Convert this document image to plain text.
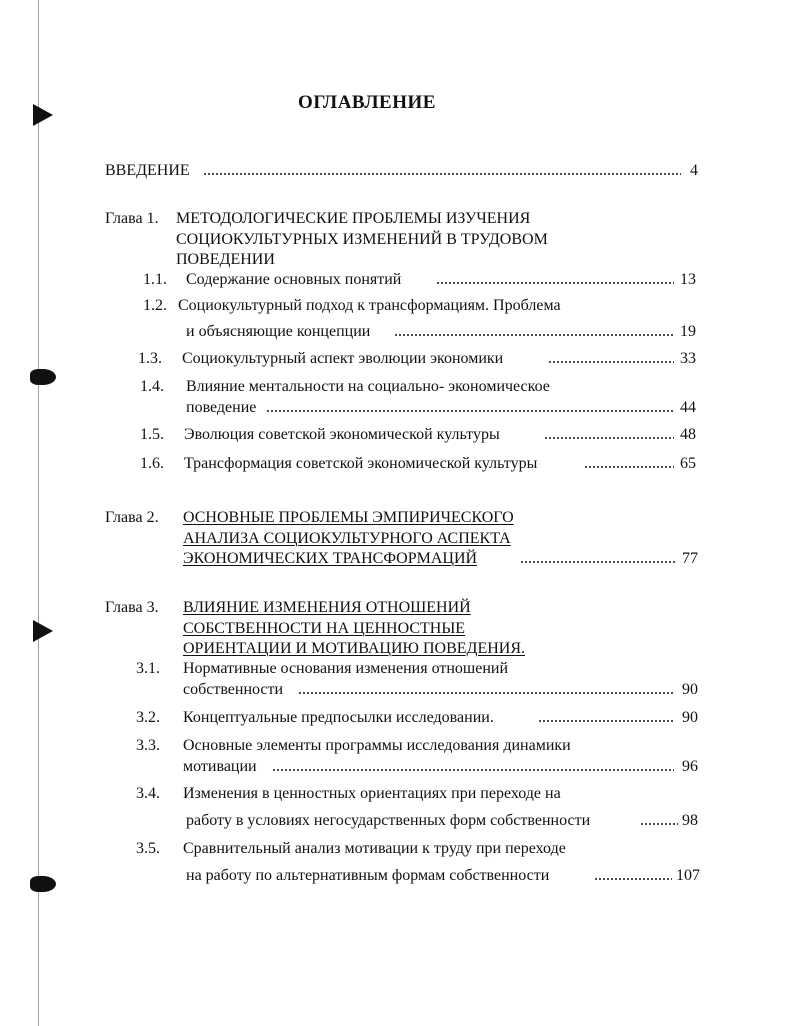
ОГЛАВЛЕНИЕ
ВВЕДЕНИЕ	4
Глава 1. МЕТОДОЛОГИЧЕСКИЕ ПРОБЛЕМЫ ИЗУЧЕНИЯ
СОЦИОКУЛЬТУРНЫХ ИЗМЕНЕНИЙ В ТРУДОВОМ
ПОВЕДЕНИИ
1.1. Содержание основных понятий	13
1.2. Социокультурный подход к трансформациям. Проблема
и объясняющие концепции	19
1.3. Социокультурный аспект эволюции экономики	33
1.4. Влияние ментальности на социально- экономическое
поведение	44
1.5. Эволюция советской экономической культуры	48
1.6. Трансформация советской экономической культуры	65
Глава 2. ОСНОВНЫЕ ПРОБЛЕМЫ ЭМПИРИЧЕСКОГО
АНАЛИЗА СОЦИОКУЛЬТУРНОГО АСПЕКТА
ЭКОНОМИЧЕСКИХ ТРАНСФОРМАЦИЙ	77
Глава 3. ВЛИЯНИЕ ИЗМЕНЕНИЯ ОТНОШЕНИЙ
СОБСТВЕННОСТИ НА ЦЕННОСТНЫЕ
ОРИЕНТАЦИИ И МОТИВАЦИЮ ПОВЕДЕНИЯ.
3.1. Нормативные основания изменения отношений
собственности	90
3.2. Концептуальные предпосылки исследовании.	90
3.3. Основные элементы программы исследования динамики
мотивации	96
3.4. Изменения в ценностных ориентациях при переходе на
работу в условиях негосударственных форм собственности	98
3.5. Сравнительный анализ мотивации к труду при переходе
на работу по альтернативным формам собственности	107
